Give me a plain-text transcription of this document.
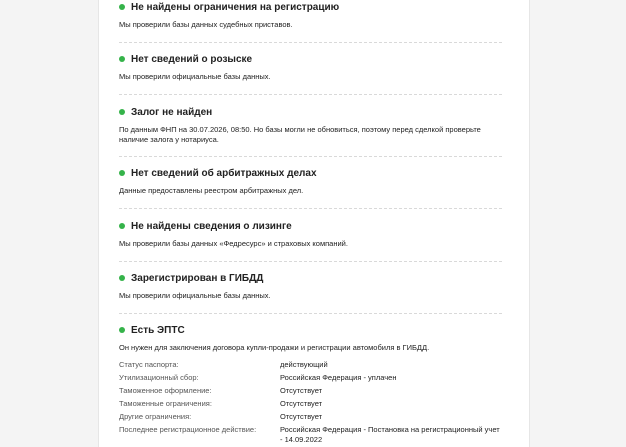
Не найдены ограничения на регистрацию
Мы проверили базы данных судебных приставов.
Нет сведений о розыске
Мы проверили официальные базы данных.
Залог не найден
По данным ФНП на 30.07.2026, 08:50. Но базы могли не обновиться, поэтому перед сделкой проверьте наличие залога у нотариуса.
Нет сведений об арбитражных делах
Данные предоставлены реестром арбитражных дел.
Не найдены сведения о лизинге
Мы проверили базы данных «Федресурс» и страховых компаний.
Зарегистрирован в ГИБДД
Мы проверили официальные базы данных.
Есть ЭПТС
Он нужен для заключения договора купли-продажи и регистрации автомобиля в ГИБДД.
Статус паспорта:	действующий
Утилизационный сбор:	Российская Федерация - уплачен
Таможенное оформление:	Отсутствует
Таможенные ограничения:	Отсутствует
Другие ограничения:	Отсутствует
Последнее регистрационное действие:	Российская Федерация - Постановка на регистрационный учет - 14.09.2022
